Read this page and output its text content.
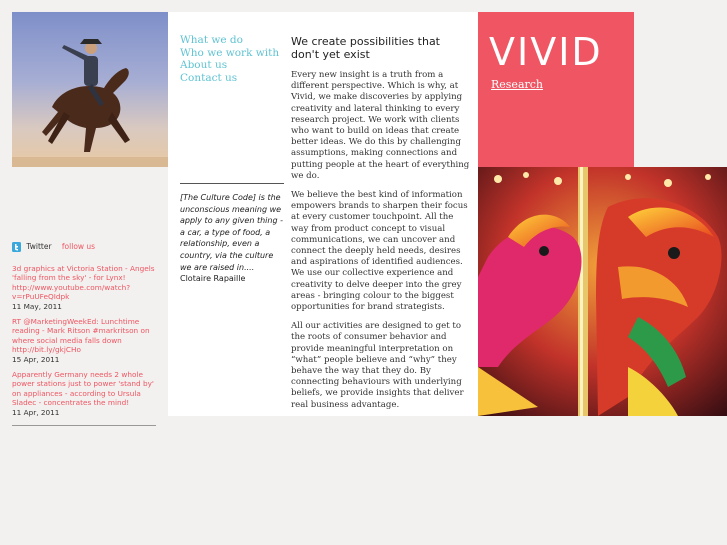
What we do
Who we work with
About us
Contact us
[The Culture Code] is the unconscious meaning we apply to any given thing - a car, a type of food, a relationship, even a country, via the culture we are raised in....
Clotaire Rapaille
We create possibilities that don't yet exist

Every new insight is a truth from a different perspective. Which is why, at Vivid, we make discoveries by applying creativity and lateral thinking to every research project. We work with clients who want to build on ideas that create better ideas. We do this by challenging assumptions, making connections and putting people at the heart of everything we do.

We believe the best kind of information empowers brands to sharpen their focus at every customer touchpoint. All the way from product concept to visual communications, we can uncover and connect the deeply held needs, desires and aspirations of identified audiences. We use our collective experience and creativity to delve deeper into the grey areas - bringing colour to the biggest opportunities for brand strategists.

All our activities are designed to get to the roots of consumer behavior and provide meaningful interpretation on “what” people believe and “why” they behave the way that they do. By connecting behaviours with underlying beliefs, we provide insights that deliver real business advantage.

VIVID
Research
Twitter follow us
3d graphics at Victoria Station - Angels 'falling from the sky' - for Lynx! http://www.youtube.com/watch?v=rPuUFeQIdpk
11 May, 2011
RT @MarketingWeekEd: Lunchtime reading - Mark Ritson #markritson on where social media falls down http://bit.ly/gkjCHo
15 Apr, 2011
Apparently Germany needs 2 whole power stations just to power 'stand by' on appliances - according to Ursula Sladec - concentrates the mind!
11 Apr, 2011
